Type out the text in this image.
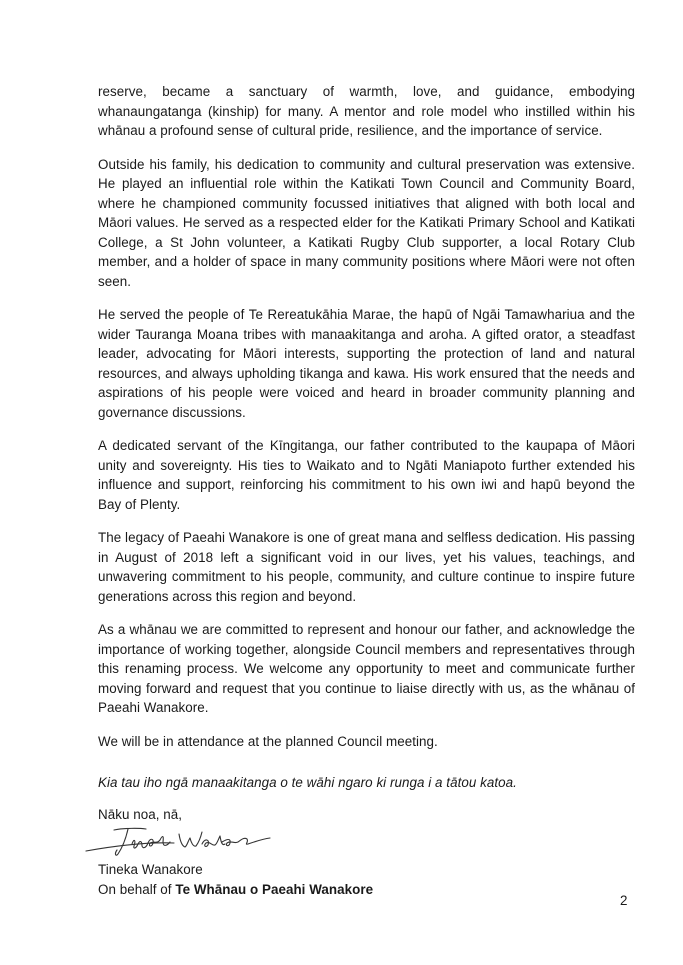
reserve, became a sanctuary of warmth, love, and guidance, embodying whanaungatanga (kinship) for many. A mentor and role model who instilled within his whānau a profound sense of cultural pride, resilience, and the importance of service.

Outside his family, his dedication to community and cultural preservation was extensive. He played an influential role within the Katikati Town Council and Community Board, where he championed community focussed initiatives that aligned with both local and Māori values. He served as a respected elder for the Katikati Primary School and Katikati College, a St John volunteer, a Katikati Rugby Club supporter, a local Rotary Club member, and a holder of space in many community positions where Māori were not often seen.

He served the people of Te Rereatukāhia Marae, the hapū of Ngāi Tamawhariua and the wider Tauranga Moana tribes with manaakitanga and aroha. A gifted orator, a steadfast leader, advocating for Māori interests, supporting the protection of land and natural resources, and always upholding tikanga and kawa. His work ensured that the needs and aspirations of his people were voiced and heard in broader community planning and governance discussions.

A dedicated servant of the Kīngitanga, our father contributed to the kaupapa of Māori unity and sovereignty. His ties to Waikato and to Ngāti Maniapoto further extended his influence and support, reinforcing his commitment to his own iwi and hapū beyond the Bay of Plenty.

The legacy of Paeahi Wanakore is one of great mana and selfless dedication. His passing in August of 2018 left a significant void in our lives, yet his values, teachings, and unwavering commitment to his people, community, and culture continue to inspire future generations across this region and beyond.

As a whānau we are committed to represent and honour our father, and acknowledge the importance of working together, alongside Council members and representatives through this renaming process. We welcome any opportunity to meet and communicate further moving forward and request that you continue to liaise directly with us, as the whānau of Paeahi Wanakore.

We will be in attendance at the planned Council meeting.

Kia tau iho ngā manaakitanga o te wāhi ngaro ki runga i a tātou katoa.

Nāku noa, nā,
Tineka Wanakore
Tineka Wanakore
On behalf of Te Whānau o Paeahi Wanakore
2
